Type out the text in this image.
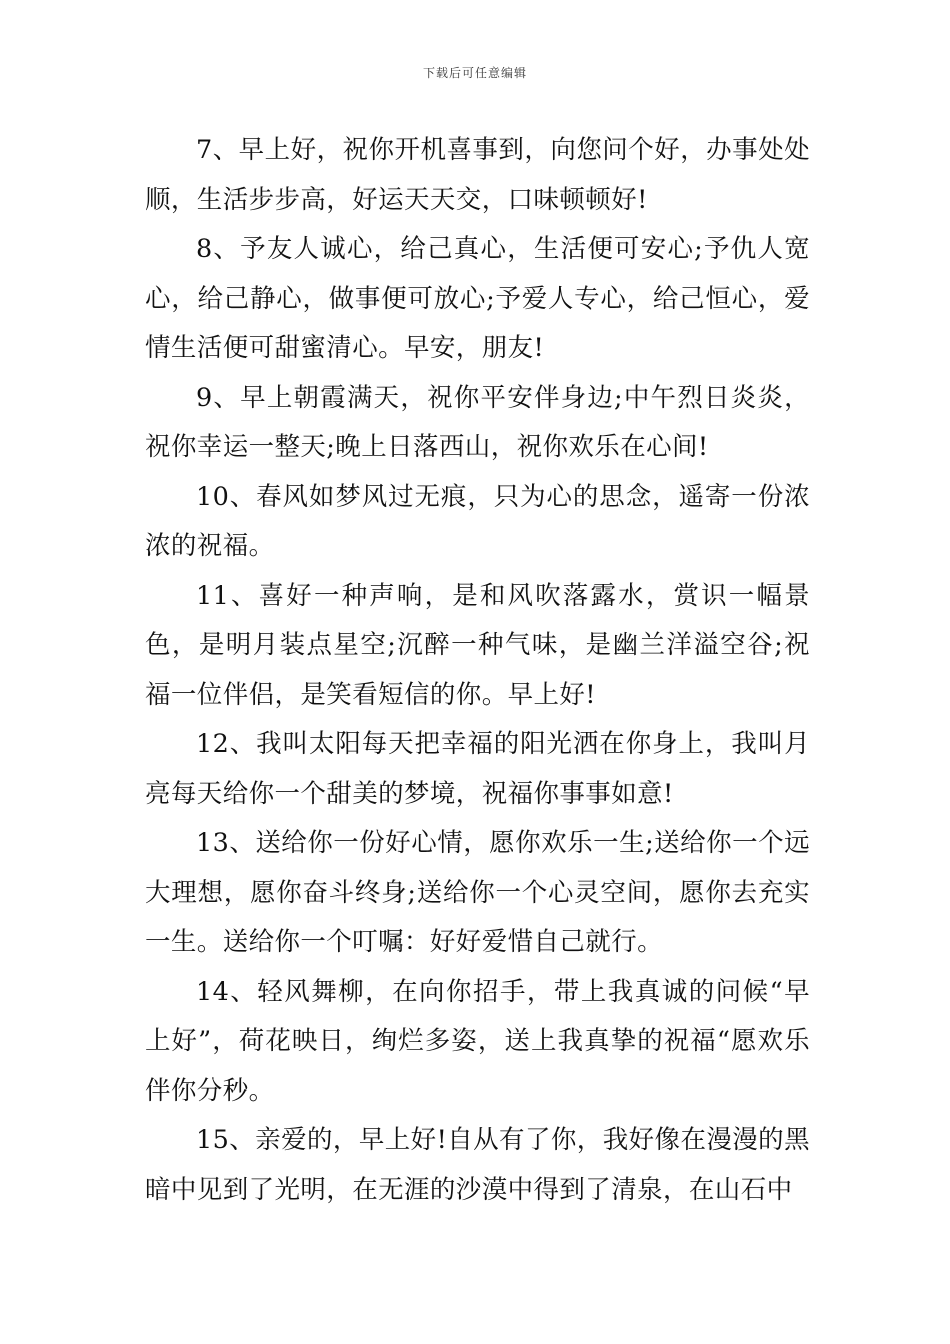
下载后可任意编辑

7、早上好，祝你开机喜事到，向您问个好，办事处处顺，生活步步高，好运天天交，口味顿顿好!

8、予友人诚心，给己真心，生活便可安心;予仇人宽心，给己静心，做事便可放心;予爱人专心，给己恒心，爱情生活便可甜蜜清心。早安，朋友!

9、早上朝霞满天，祝你平安伴身边;中午烈日炎炎，祝你幸运一整天;晚上日落西山，祝你欢乐在心间!

10、春风如梦风过无痕，只为心的思念，遥寄一份浓浓的祝福。

11、喜好一种声响，是和风吹落露水，赏识一幅景色，是明月装点星空;沉醉一种气味，是幽兰洋溢空谷;祝福一位伴侣，是笑看短信的你。早上好!

12、我叫太阳每天把幸福的阳光洒在你身上，我叫月亮每天给你一个甜美的梦境，祝福你事事如意!

13、送给你一份好心情，愿你欢乐一生;送给你一个远大理想，愿你奋斗终身;送给你一个心灵空间，愿你去充实一生。送给你一个叮嘱：好好爱惜自己就行。

14、轻风舞柳，在向你招手，带上我真诚的问候“早上好”，荷花映日，绚烂多姿，送上我真挚的祝福“愿欢乐伴你分秒。

15、亲爱的，早上好!自从有了你，我好像在漫漫的黑暗中见到了光明，在无涯的沙漠中得到了清泉，在山石中
